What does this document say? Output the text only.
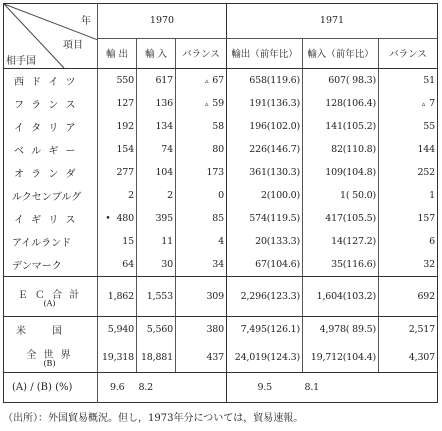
年
項目
相手国	1970			1971		
	輸 出	輸 入	バランス	輸出（前年比）	輸入（前年比）	バランス
西 ド イ ツ	550	617	▵ 67	658(119.6)	607( 98.3)	51
フ ラ ン ス	127	136	▵ 59	191(136.3)	128(106.4)	▵ 7
イ タ リ ア	192	134	58	196(102.0)	141(105.2)	55
ベ ル ギ ー	154	74	80	226(146.7)	82(110.8)	144
オ ラ ン ダ	277	104	173	361(130.3)	109(104.8)	252
ルクセンブルグ	2	2	0	2(100.0)	1( 50.0)	1
イ ギ リ ス	• 480	395	85	574(119.5)	417(105.5)	157
アイルランド	15	11	4	20(133.3)	14(127.2)	6
デンマーク	64	30	34	67(104.6)	35(116.6)	32
Ｅ Ｃ 合 計
(A)	1,862	1,553	309	2,296(123.3)	1,604(103.2)	692
米　　国	5,940	5,560	380	7,495(126.1)	4,978( 89.5)	2,517
全 世 界
(B)	19,318	18,881	437	24,019(124.3)	19,712(104.4)	4,307
(A) / (B) (%)	9.6	8.2		9.5	8.1	
（出所）：外国貿易概況。但し，1973年分については，貿易速報。
